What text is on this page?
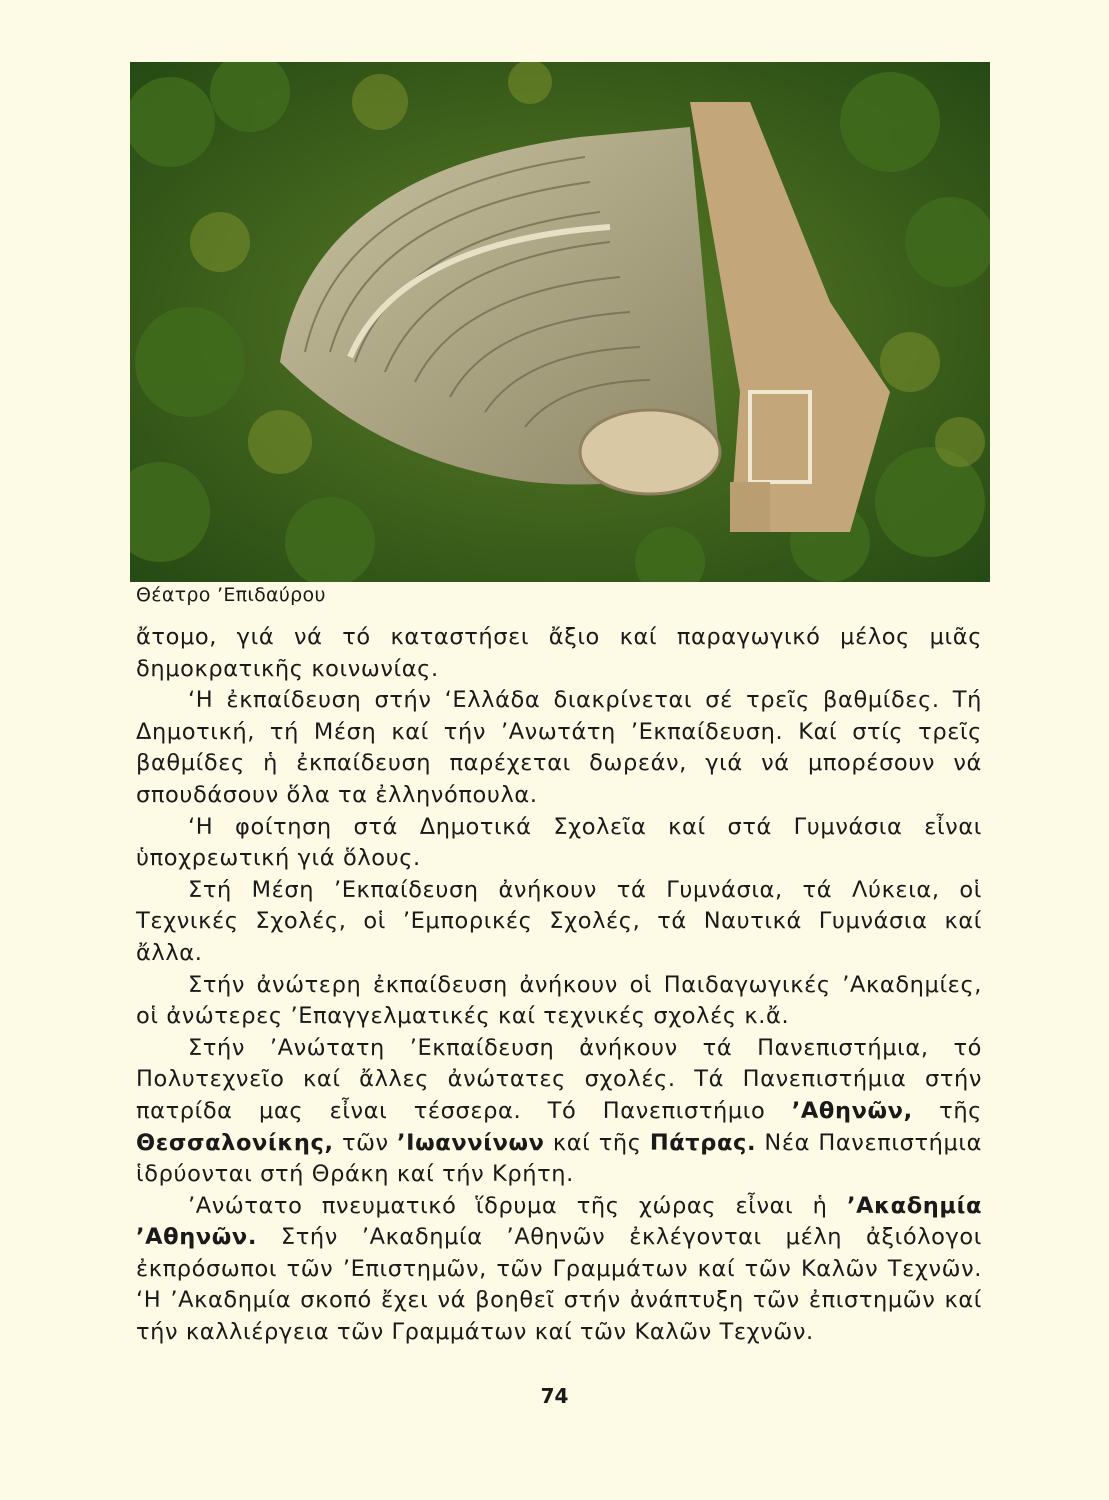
Θέατρο ’Επιδαύρου

ἄτομο, γιά νά τό καταστήσει ἄξιο καί παραγωγικό μέλος μιᾶς δημοκρατικῆς κοινωνίας.

‘Η ἐκπαίδευση στήν ‘Ελλάδα διακρίνεται σέ τρεῖς βαθμίδες. Τή Δημοτική, τή Μέση καί τήν ’Ανωτάτη ’Εκπαίδευση. Καί στίς τρεῖς βαθμίδες ἡ ἐκπαίδευση παρέχεται δωρεάν, γιά νά μπορέσουν νά σπουδάσουν ὅλα τα ἐλληνόπουλα.

‘Η φοίτηση στά Δημοτικά Σχολεῖα καί στά Γυμνάσια εἶναι ὑποχρεωτική γιά ὅλους.

Στή Μέση ’Εκπαίδευση ἀνήκουν τά Γυμνάσια, τά Λύκεια, οἱ Τεχνικές Σχολές, οἱ ’Εμπορικές Σχολές, τά Ναυτικά Γυμνάσια καί ἄλλα.

Στήν ἀνώτερη ἐκπαίδευση ἀνήκουν οἱ Παιδαγωγικές ’Ακαδημίες, οἱ ἀνώτερες ’Επαγγελματικές καί τεχνικές σχολές κ.ἄ.

Στήν ’Ανώτατη ’Εκπαίδευση ἀνήκουν τά Πανεπιστήμια, τό Πολυτεχνεῖο καί ἄλλες ἀνώτατες σχολές. Τά Πανεπιστήμια στήν πατρίδα μας εἶναι τέσσερα. Τό Πανεπιστήμιο ’Αθηνῶν, τῆς Θεσσαλονίκης, τῶν ’Ιωαννίνων καί τῆς Πάτρας. Νέα Πανεπιστήμια ἱδρύονται στή Θράκη καί τήν Κρήτη.

’Ανώτατο πνευματικό ἵδρυμα τῆς χώρας εἶναι ἡ ’Ακαδημία ’Αθηνῶν. Στήν ’Ακαδημία ’Αθηνῶν ἐκλέγονται μέλη ἀξιόλογοι ἐκπρόσωποι τῶν ’Επιστημῶν, τῶν Γραμμάτων καί τῶν Καλῶν Τεχνῶν. ‘Η ’Ακαδημία σκοπό ἔχει νά βοηθεῖ στήν ἀνάπτυξη τῶν ἐπιστημῶν καί τήν καλλιέργεια τῶν Γραμμάτων καί τῶν Καλῶν Τεχνῶν.

74
